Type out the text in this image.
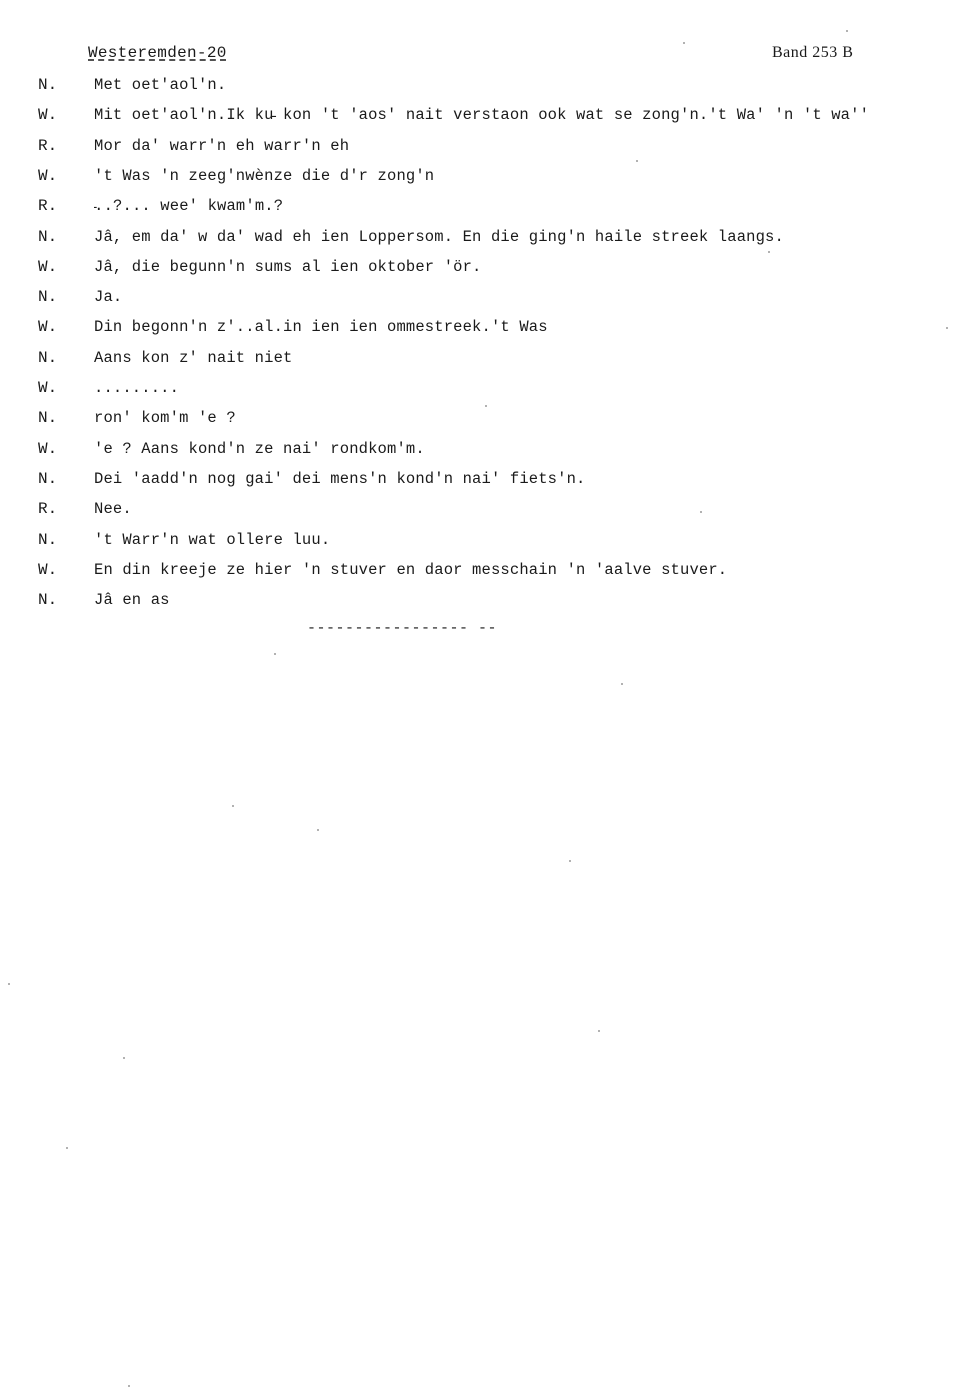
Westeremden-20	Band 253 B
N.	Met oet'aol'n.
W.	Mit oet'aol'n.Ik ku̵ kon 't 'aos' nait verstaon ook wat se zong'n.'t Wa' 'n 't wa''
R.	Mor da' warr'n eh warr'n eh
W.	't Was 'n zeeg'nwènze die d'r zong'n
R.	̵..?... wee' kwam'm.?
N.	Jâ, em da' w da' wad eh ien Loppersom. En die ging'n haile streek laangs.
W.	Jâ, die begunn'n sums al ien oktober 'ör.
N.	Ja.
W.	Din begonn'n z'..al.in ien ien ommestreek.'t Was
N.	Aans kon z' nait niet
W.	.........
N.	ron' kom'm 'e ?
W.	'e ? Aans kond'n ze nai' rondkom'm.
N.	Dei 'aadd'n nog gai' dei mens'n kond'n nai' fiets'n.
R.	Nee.
N.	't Warr'n wat ollere luu.
W.	En din kreeje ze hier 'n stuver en daor messchain 'n 'aalve stuver.
N.	Jâ en as
----------------- --
